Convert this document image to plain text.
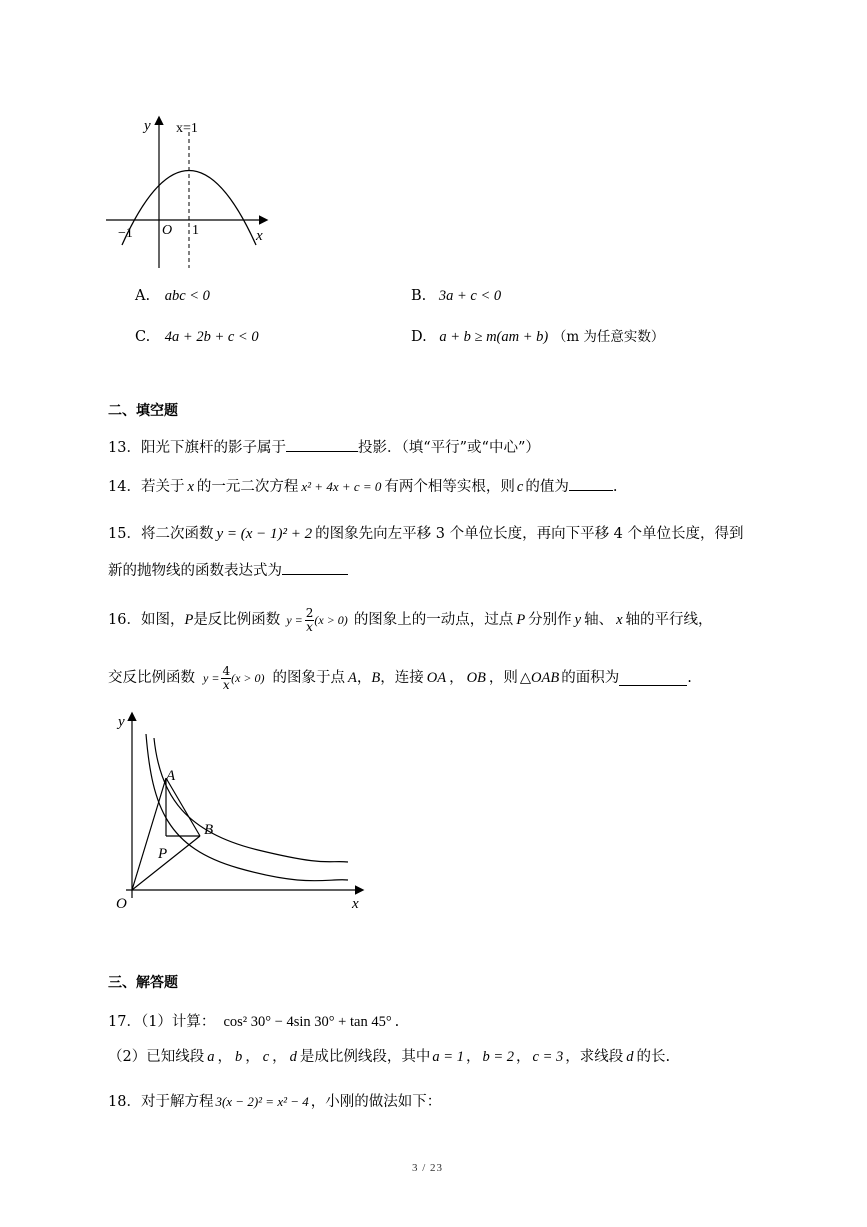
y
x
x=1
−1 O 1
A. abc < 0	B. 3a + c < 0
C. 4a + 2b + c < 0	D. a + b ≥ m(am + b) （m 为任意实数）
二、填空题
13．阳光下旗杆的影子属于	投影．（填“平行”或“中心”）
14．若关于 x 的一元二次方程 x² + 4x + c = 0 有两个相等实根，则 c 的值为	.
15．将二次函数 y = (x − 1)² + 2 的图象先向左平移 3 个单位长度，再向下平移 4 个单位长度，得到
新的抛物线的函数表达式为
16．如图， P 是反比例函数 $y = \frac{2}{x} (x > 0)$ 的图象上的一动点，过点 P 分别作 y 轴、 x 轴的平行线，
交反比例函数 $y = \frac{4}{x} (x > 0)$ 的图象于点 A ， B ，连接 OA ， OB ，则 △OAB 的面积为	.
y
x
O
A
B
P
三、解答题
17．（1）计算： cos² 30° − 4sin 30° + tan 45° .
（2）已知线段 a ， b ， c ， d 是成比例线段，其中 a = 1 ， b = 2 ， c = 3 ，求线段 d 的长.
18．对于解方程 3(x − 2)² = x² − 4 ，小刚的做法如下：
3 / 23
